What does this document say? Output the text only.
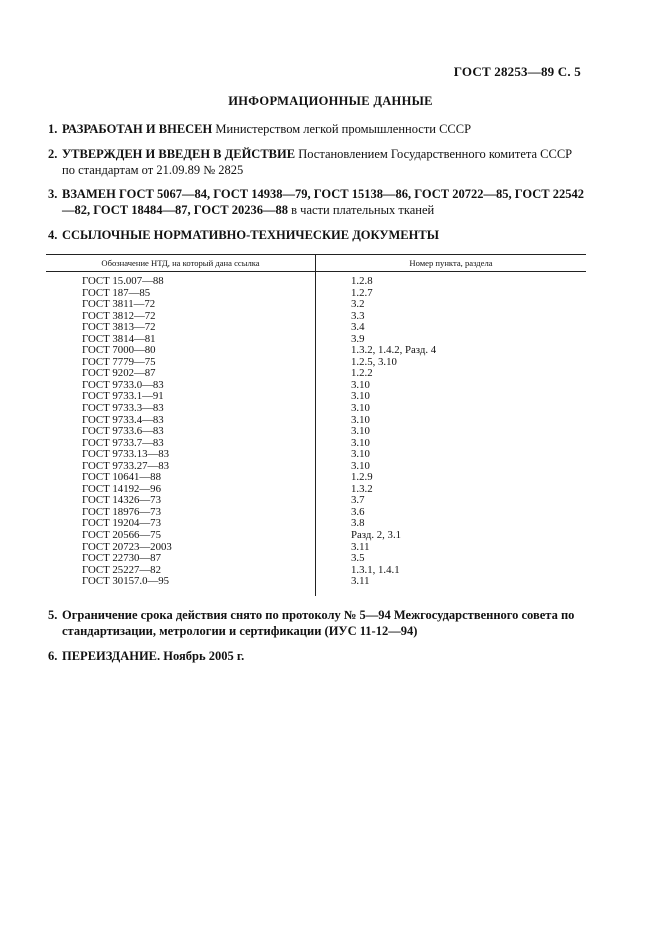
ГОСТ 28253—89 С. 5
ИНФОРМАЦИОННЫЕ ДАННЫЕ
1. РАЗРАБОТАН И ВНЕСЕН Министерством легкой промышленности СССР
2. УТВЕРЖДЕН И ВВЕДЕН В ДЕЙСТВИЕ Постановлением Государственного комитета СССР по стандартам от 21.09.89 № 2825
3. ВЗАМЕН ГОСТ 5067—84, ГОСТ 14938—79, ГОСТ 15138—86, ГОСТ 20722—85, ГОСТ 22542—82, ГОСТ 18484—87, ГОСТ 20236—88 в части плательных тканей
4. ССЫЛОЧНЫЕ НОРМАТИВНО-ТЕХНИЧЕСКИЕ ДОКУМЕНТЫ
Обозначение НТД, на который дана ссылка	Номер пункта, раздела
ГОСТ 15.007—88	1.2.8
ГОСТ 187—85	1.2.7
ГОСТ 3811—72	3.2
ГОСТ 3812—72	3.3
ГОСТ 3813—72	3.4
ГОСТ 3814—81	3.9
ГОСТ 7000—80	1.3.2, 1.4.2, Разд. 4
ГОСТ 7779—75	1.2.5, 3.10
ГОСТ 9202—87	1.2.2
ГОСТ 9733.0—83	3.10
ГОСТ 9733.1—91	3.10
ГОСТ 9733.3—83	3.10
ГОСТ 9733.4—83	3.10
ГОСТ 9733.6—83	3.10
ГОСТ 9733.7—83	3.10
ГОСТ 9733.13—83	3.10
ГОСТ 9733.27—83	3.10
ГОСТ 10641—88	1.2.9
ГОСТ 14192—96	1.3.2
ГОСТ 14326—73	3.7
ГОСТ 18976—73	3.6
ГОСТ 19204—73	3.8
ГОСТ 20566—75	Разд. 2, 3.1
ГОСТ 20723—2003	3.11
ГОСТ 22730—87	3.5
ГОСТ 25227—82	1.3.1, 1.4.1
ГОСТ 30157.0—95	3.11
5. Ограничение срока действия снято по протоколу № 5—94 Межгосударственного совета по стандартизации, метрологии и сертификации (ИУС 11-12—94)
6. ПЕРЕИЗДАНИЕ. Ноябрь 2005 г.
